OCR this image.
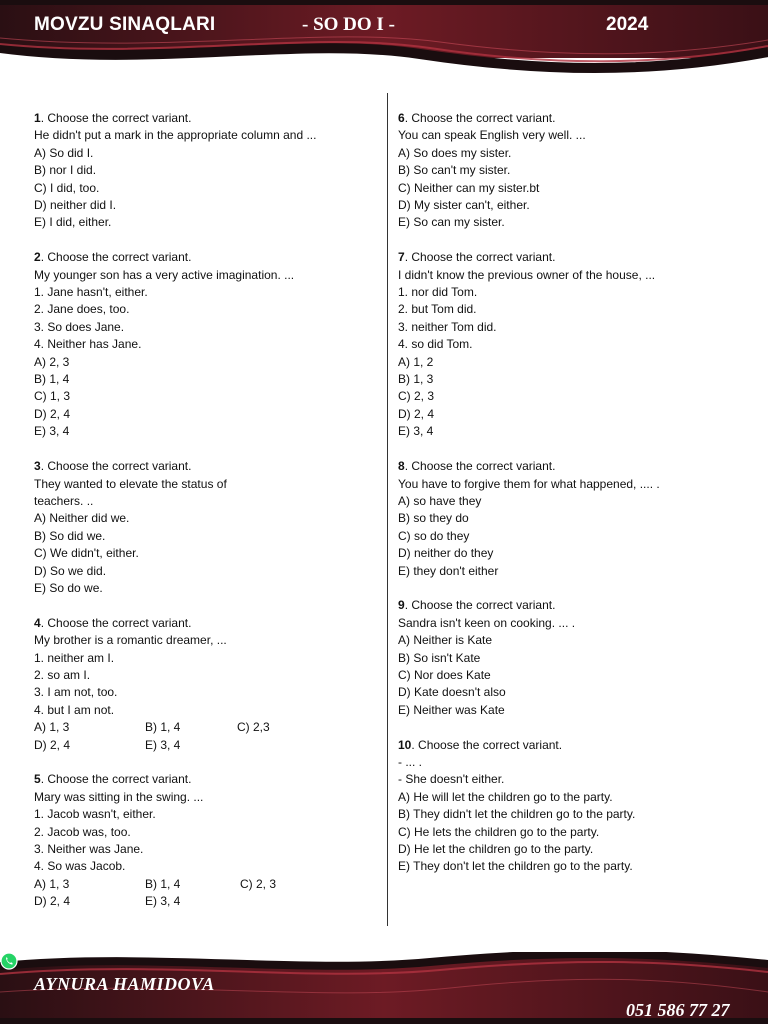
MOVZU SINAQLARI	- SO DO I -	2024

1. Choose the correct variant.

He didn't put a mark in the appropriate column and ...

A) So did I.

B) nor I did.

C) I did, too.

D) neither did I.

E) I did, either.

2. Choose the correct variant.

My younger son has a very active imagination. ...

1. Jane hasn't, either.

2. Jane does, too.

3. So does Jane.

4. Neither has Jane.

A) 2, 3

B) 1, 4

C) 1, 3

D) 2, 4

E) 3, 4

3. Choose the correct variant.

They wanted to elevate the status of

teachers. ..

A) Neither did we.

B) So did we.

C) We didn't, either.

D) So we did.

E) So do we.

4. Choose the correct variant.

My brother is a romantic dreamer, ...

1. neither am I.

2. so am I.

3. I am not, too.

4. but I am not.

A) 1, 3	B) 1, 4	C) 2,3
D) 2, 4	E) 3, 4

5. Choose the correct variant.

Mary was sitting in the swing. ...

1. Jacob wasn't, either.

2. Jacob was, too.

3. Neither was Jane.

4. So was Jacob.

A) 1, 3	B) 1, 4	C) 2, 3
D) 2, 4	E) 3, 4

6. Choose the correct variant.

You can speak English very well. ...

A) So does my sister.

B) So can't my sister.

C) Neither can my sister.bt

D) My sister can't, either.

E) So can my sister.

7. Choose the correct variant.

I didn't know the previous owner of the house, ...

1. nor did Tom.

2. but Tom did.

3. neither Tom did.

4. so did Tom.

A) 1, 2

B) 1, 3

C) 2, 3

D) 2, 4

E) 3, 4

8. Choose the correct variant.

You have to forgive them for what happened, .... .

A) so have they

B) so they do

C) so do they

D) neither do they

E) they don't either

9. Choose the correct variant.

Sandra isn't keen on cooking. ... .

A) Neither is Kate

B) So isn't Kate

C) Nor does Kate

D) Kate doesn't also

E) Neither was Kate

10. Choose the correct variant.

- ... .

- She doesn't either.

A) He will let the children go to the party.

B) They didn't let the children go to the party.

C) He lets the children go to the party.

D) He let the children go to the party.

E) They don't let the children go to the party.

AYNURA HAMIDOVA
051 586 77 27
